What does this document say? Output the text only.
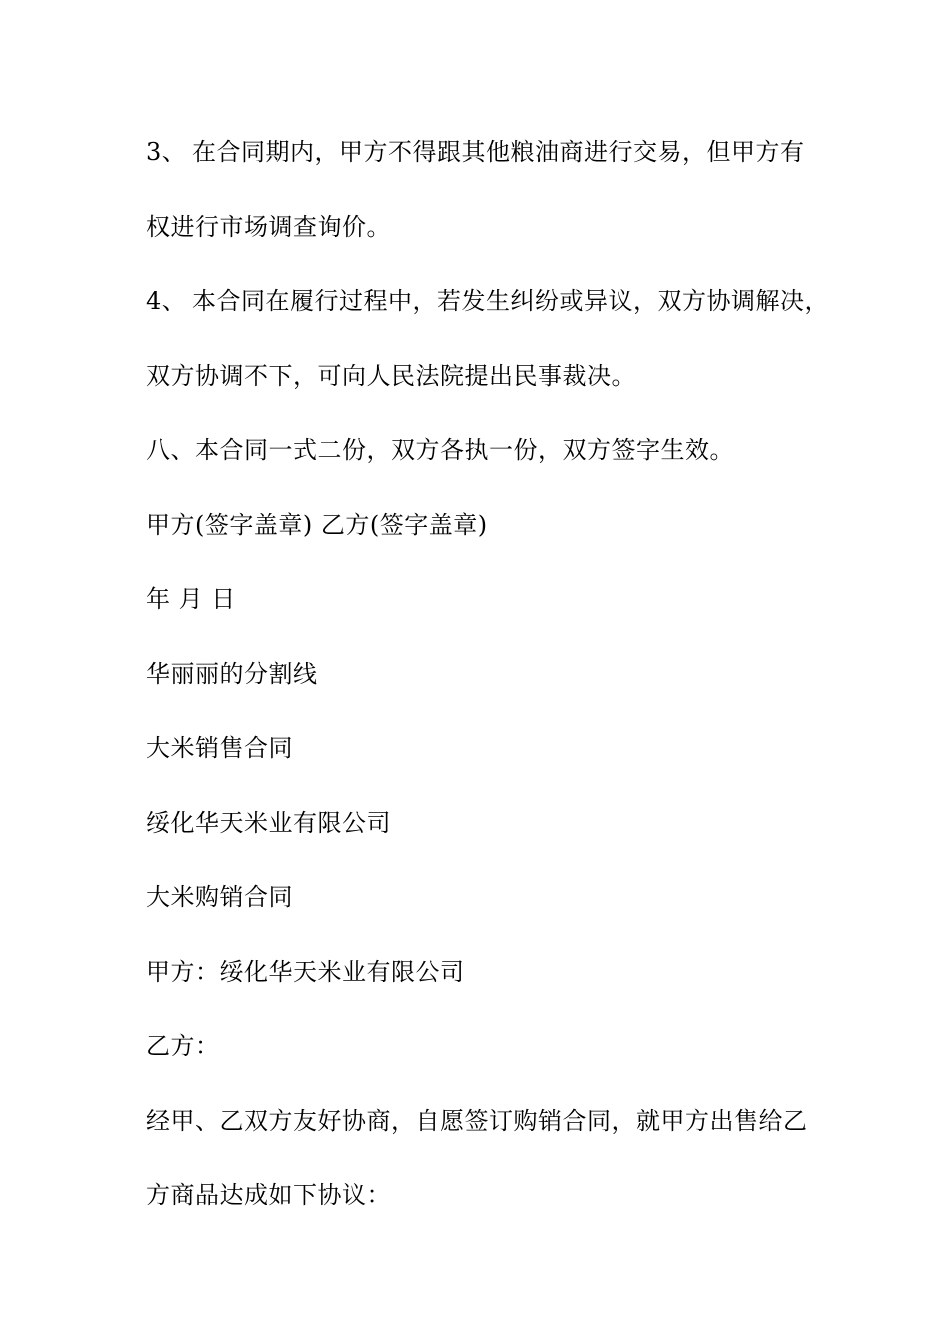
3、 在合同期内，甲方不得跟其他粮油商进行交易，但甲方有

权进行市场调查询价。

4、 本合同在履行过程中，若发生纠纷或异议，双方协调解决，

双方协调不下，可向人民法院提出民事裁决。

八、本合同一式二份，双方各执一份，双方签字生效。

甲方(签字盖章) 乙方(签字盖章)

年 月 日

华丽丽的分割线

大米销售合同

绥化华天米业有限公司

大米购销合同

甲方：绥化华天米业有限公司

乙方：

经甲、乙双方友好协商，自愿签订购销合同，就甲方出售给乙

方商品达成如下协议：
